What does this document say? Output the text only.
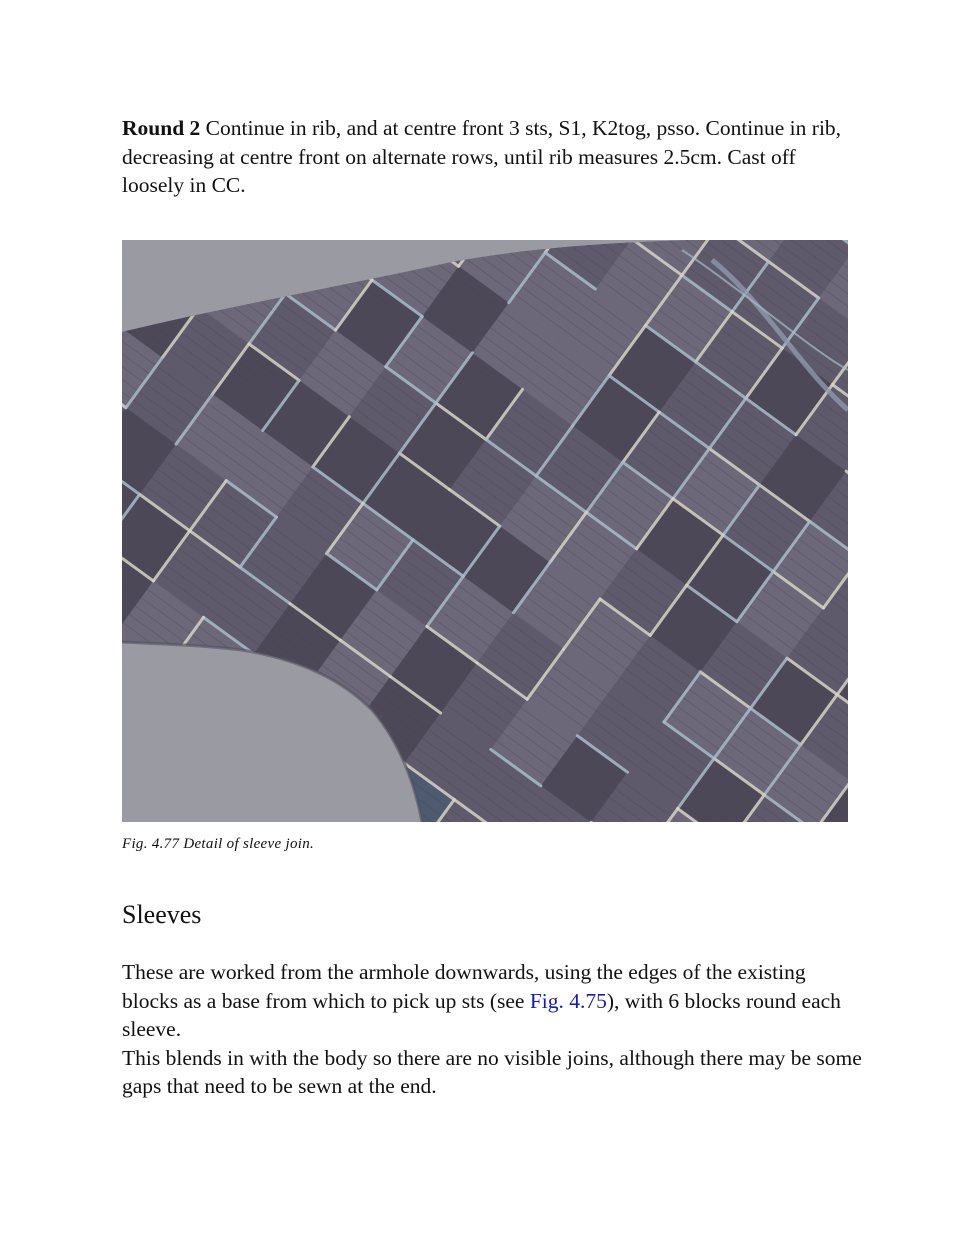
Round 2 Continue in rib, and at centre front 3 sts, S1, K2tog, psso. Continue in rib, decreasing at centre front on alternate rows, until rib measures 2.5cm. Cast off loosely in CC.

Fig. 4.77 Detail of sleeve join.

Sleeves

These are worked from the armhole downwards, using the edges of the existing blocks as a base from which to pick up sts (see Fig. 4.75), with 6 blocks round each sleeve.
This blends in with the body so there are no visible joins, although there may be some gaps that need to be sewn at the end.
